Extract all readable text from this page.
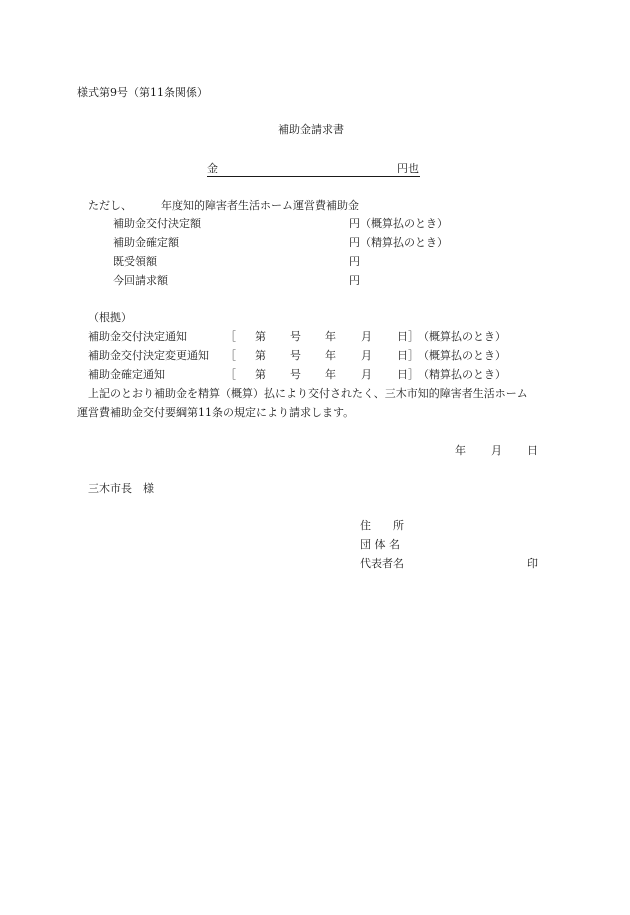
様式第9号（第11条関係）
補助金請求書
金	円也
ただし、	年度知的障害者生活ホーム運営費補助金
補助金交付決定額	円（概算払のとき）
補助金確定額	円（精算払のとき）
既受領額	円
今回請求額	円
（根拠）
補助金交付決定通知	［ 第 号 年 月 日］ （概算払のとき）
補助金交付決定変更通知 ［ 第 号 年 月 日］ （概算払のとき）
補助金確定通知	［ 第 号 年 月 日］ （精算払のとき）
上記のとおり補助金を精算（概算）払により交付されたく、三木市知的障害者生活ホーム
運営費補助金交付要綱第11条の規定により請求します。
年 月 日
三木市長　様
住　　所
団 体 名
代表者名	印
